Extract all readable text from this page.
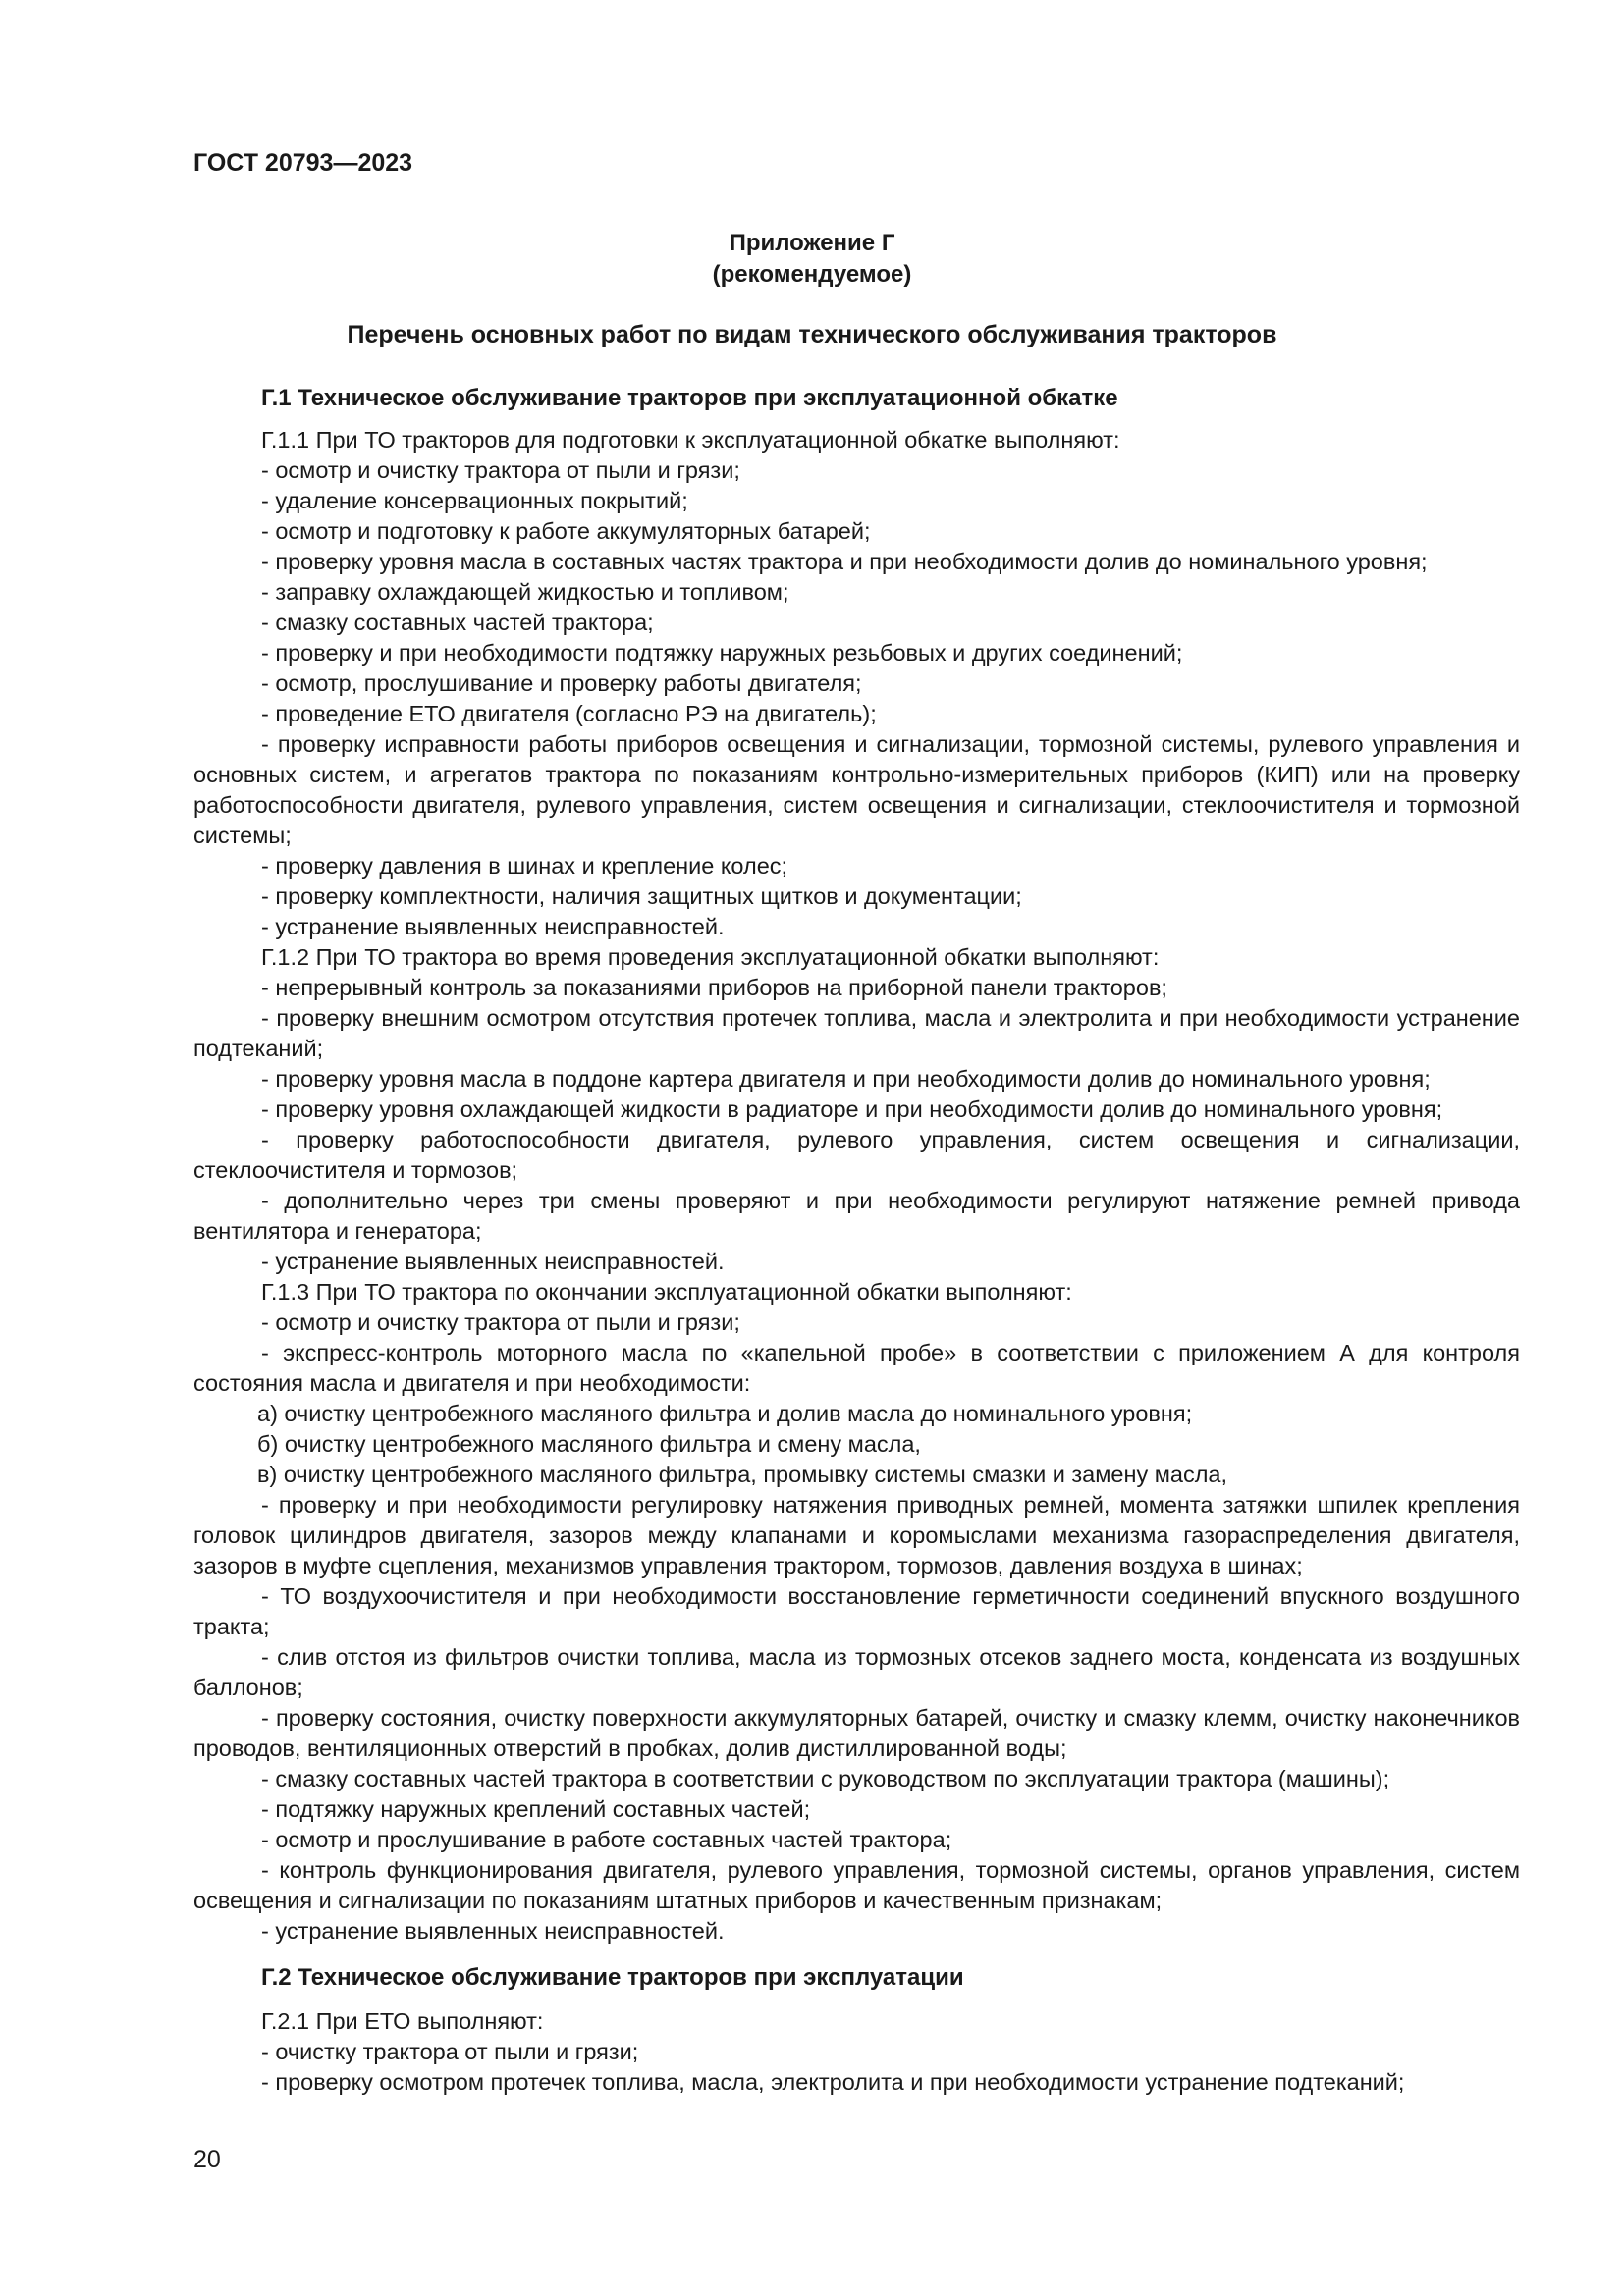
ГОСТ 20793—2023
Приложение Г
(рекомендуемое)
Перечень основных работ по видам технического обслуживания тракторов
Г.1 Техническое обслуживание тракторов при эксплуатационной обкатке
Г.1.1 При ТО тракторов для подготовки к эксплуатационной обкатке выполняют:
- осмотр и очистку трактора от пыли и грязи;
- удаление консервационных покрытий;
- осмотр и подготовку к работе аккумуляторных батарей;
- проверку уровня масла в составных частях трактора и при необходимости долив до номинального уровня;
- заправку охлаждающей жидкостью и топливом;
- смазку составных частей трактора;
- проверку и при необходимости подтяжку наружных резьбовых и других соединений;
- осмотр, прослушивание и проверку работы двигателя;
- проведение ЕТО двигателя (согласно РЭ на двигатель);
- проверку исправности работы приборов освещения и сигнализации, тормозной системы, рулевого управления и основных систем, и агрегатов трактора по показаниям контрольно-измерительных приборов (КИП) или на проверку работоспособности двигателя, рулевого управления, систем освещения и сигнализации, стеклоочистителя и тормозной системы;
- проверку давления в шинах и крепление колес;
- проверку комплектности, наличия защитных щитков и документации;
- устранение выявленных неисправностей.
Г.1.2 При ТО трактора во время проведения эксплуатационной обкатки выполняют:
- непрерывный контроль за показаниями приборов на приборной панели тракторов;
- проверку внешним осмотром отсутствия протечек топлива, масла и электролита и при необходимости устранение подтеканий;
- проверку уровня масла в поддоне картера двигателя и при необходимости долив до номинального уровня;
- проверку уровня охлаждающей жидкости в радиаторе и при необходимости долив до номинального уровня;
- проверку работоспособности двигателя, рулевого управления, систем освещения и сигнализации, стеклоочистителя и тормозов;
- дополнительно через три смены проверяют и при необходимости регулируют натяжение ремней привода вентилятора и генератора;
- устранение выявленных неисправностей.
Г.1.3 При ТО трактора по окончании эксплуатационной обкатки выполняют:
- осмотр и очистку трактора от пыли и грязи;
- экспресс-контроль моторного масла по «капельной пробе» в соответствии с приложением А для контроля состояния масла и двигателя и при необходимости:
а) очистку центробежного масляного фильтра и долив масла до номинального уровня;
б) очистку центробежного масляного фильтра и смену масла,
в) очистку центробежного масляного фильтра, промывку системы смазки и замену масла,
- проверку и при необходимости регулировку натяжения приводных ремней, момента затяжки шпилек крепления головок цилиндров двигателя, зазоров между клапанами и коромыслами механизма газораспределения двигателя, зазоров в муфте сцепления, механизмов управления трактором, тормозов, давления воздуха в шинах;
- ТО воздухоочистителя и при необходимости восстановление герметичности соединений впускного воздушного тракта;
- слив отстоя из фильтров очистки топлива, масла из тормозных отсеков заднего моста, конденсата из воздушных баллонов;
- проверку состояния, очистку поверхности аккумуляторных батарей, очистку и смазку клемм, очистку наконечников проводов, вентиляционных отверстий в пробках, долив дистиллированной воды;
- смазку составных частей трактора в соответствии с руководством по эксплуатации трактора (машины);
- подтяжку наружных креплений составных частей;
- осмотр и прослушивание в работе составных частей трактора;
- контроль функционирования двигателя, рулевого управления, тормозной системы, органов управления, систем освещения и сигнализации по показаниям штатных приборов и качественным признакам;
- устранение выявленных неисправностей.
Г.2 Техническое обслуживание тракторов при эксплуатации
Г.2.1 При ЕТО выполняют:
- очистку трактора от пыли и грязи;
- проверку осмотром протечек топлива, масла, электролита и при необходимости устранение подтеканий;
20
